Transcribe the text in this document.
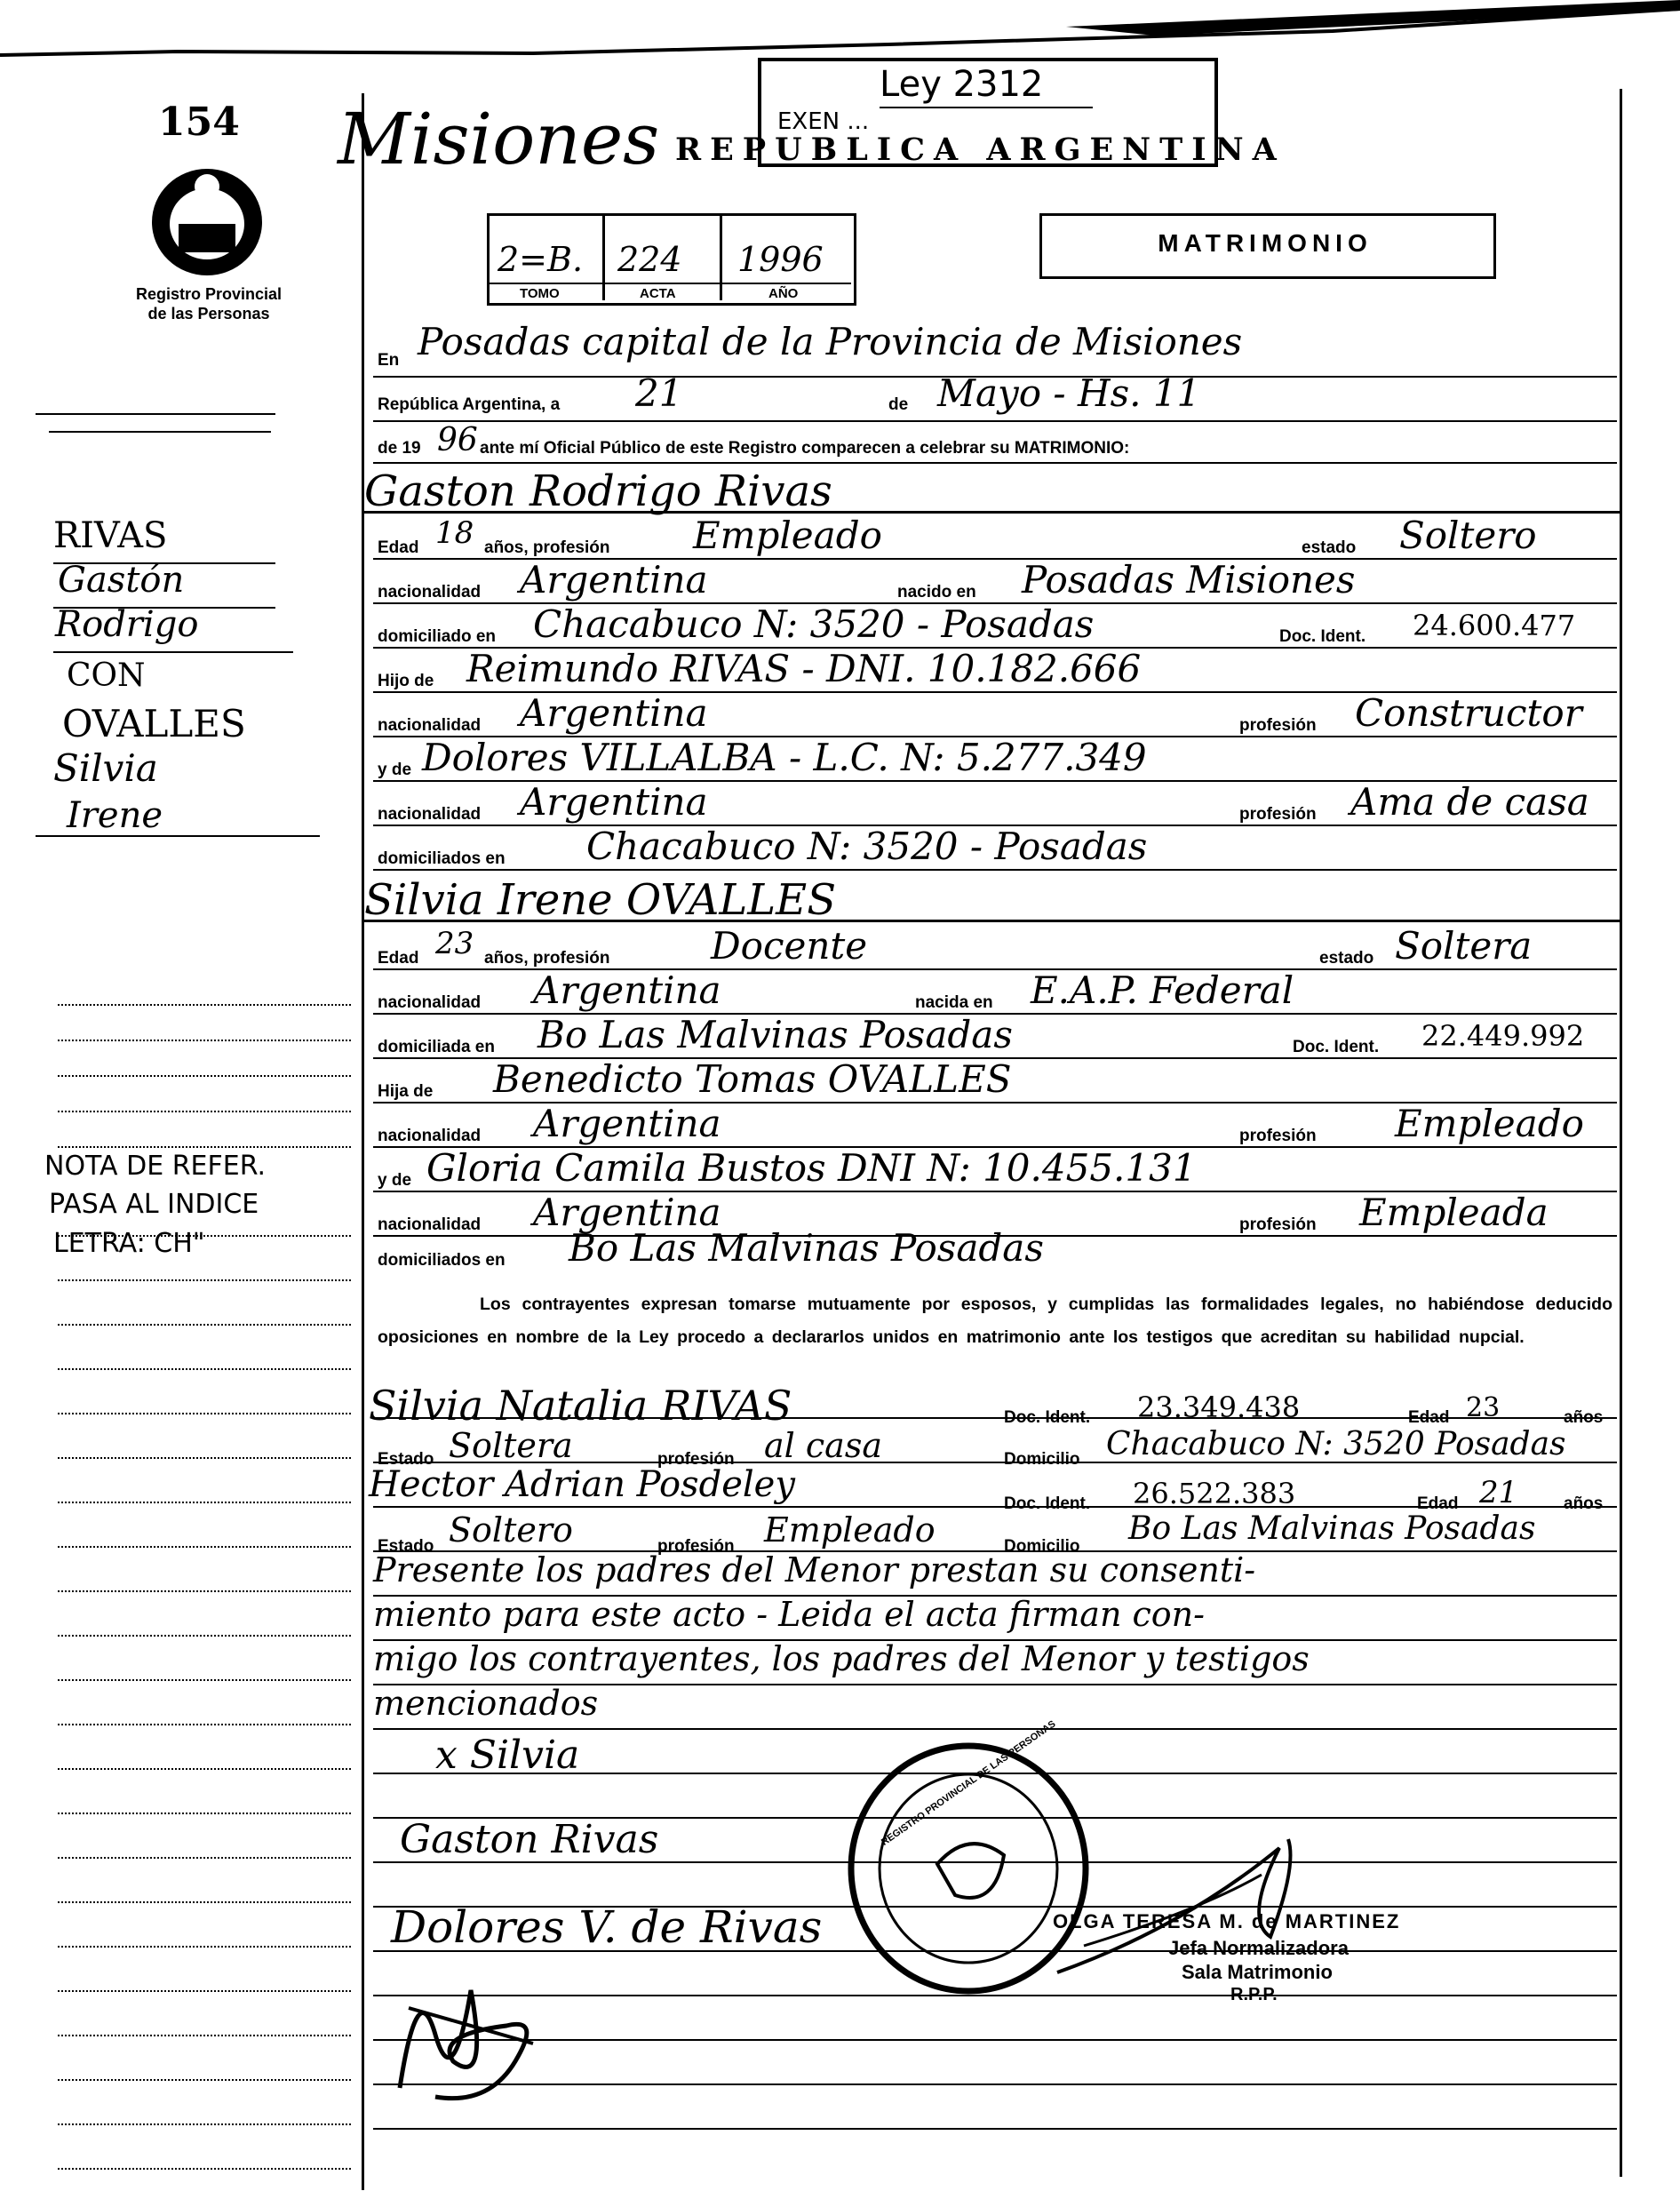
154
Registro Provincial
de las Personas
Ley 2312
EXEN ...
REPUBLICA ARGENTINA
Misiones
2=B. 224 1996
TOMO	ACTA	AÑO
MATRIMONIO
RIVAS
Gastón
Rodrigo
CON
OVALLES
Silvia
Irene
NOTA DE REFER.
PASA AL INDICE
LETRA: CH"
En Posadas capital de la Provincia de Misiones
República Argentina, a 21	de Mayo - Hs. 11
de 19 96 ante mí Oficial Público de este Registro comparecen a celebrar su MATRIMONIO:
Gaston Rodrigo Rivas
Edad 18 años, profesión Empleado	estado Soltero
nacionalidad Argentina	nacido en Posadas Misiones
domiciliado en Chacabuco N: 3520 - Posadas	Doc. Ident. 24.600.477
Hijo de Reimundo RIVAS - DNI. 10.182.666
nacionalidad Argentina	profesión Constructor
y de Dolores VILLALBA - L.C. N: 5.277.349
nacionalidad Argentina	profesión Ama de casa
domiciliados en Chacabuco N: 3520 - Posadas
Silvia Irene OVALLES
Edad 23 años, profesión	Docente	estado Soltera
nacionalidad Argentina	nacida en E.A.P. Federal
domiciliada en Bo Las Malvinas Posadas	Doc. Ident. 22.449.992
Hija de Benedicto Tomas OVALLES
nacionalidad Argentina	profesión Empleado
y de Gloria Camila Bustos DNI N: 10.455.131
nacionalidad Argentina	profesión Empleada
domiciliados en Bo Las Malvinas Posadas
Los contrayentes expresan tomarse mutuamente por esposos, y cumplidas las formalidades legales, no habiéndose deducido oposiciones en nombre de la Ley procedo a declararlos unidos en matrimonio ante los testigos que acreditan su habilidad nupcial.
Silvia Natalia RIVAS	Doc. Ident. 23.349.438	Edad 23	años
Estado Soltera	profesión al casa	Domicilio Chacabuco N: 3520 Posadas
Hector Adrian Posdeley	Doc. Ident. 26.522.383	Edad 21	años
Estado Soltero	profesión Empleado	Domicilio Bo Las Malvinas Posadas
Presente los padres del Menor prestan su consenti-
miento para este acto - Leida el acta firman con-
migo los contrayentes, los padres del Menor y testigos
mencionados
x Silvia
Gaston Rivas
Dolores V. de Rivas
REGISTRO PROVINCIAL DE LAS PERSONAS
OLGA TERESA M. de MARTINEZ
Jefa Normalizadora
Sala Matrimonio
R.P.P.
